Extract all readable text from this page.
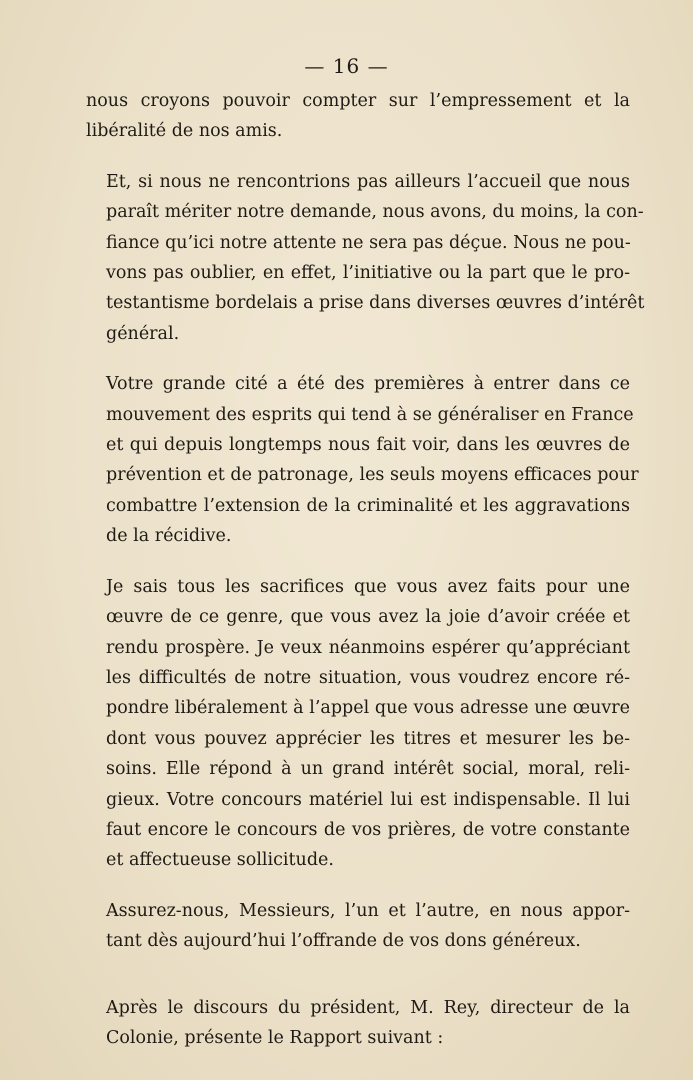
— 16 —

nous croyons pouvoir compter sur l’empressement et la
libéralité de nos amis.

Et, si nous ne rencontrions pas ailleurs l’accueil que nous
paraît mériter notre demande, nous avons, du moins, la con-
fiance qu’ici notre attente ne sera pas déçue. Nous ne pou-
vons pas oublier, en effet, l’initiative ou la part que le pro-
testantisme bordelais a prise dans diverses œuvres d’intérêt
général.

Votre grande cité a été des premières à entrer dans ce
mouvement des esprits qui tend à se généraliser en France
et qui depuis longtemps nous fait voir, dans les œuvres de
prévention et de patronage, les seuls moyens efficaces pour
combattre l’extension de la criminalité et les aggravations
de la récidive.

Je sais tous les sacrifices que vous avez faits pour une
œuvre de ce genre, que vous avez la joie d’avoir créée et
rendu prospère. Je veux néanmoins espérer qu’appréciant
les difficultés de notre situation, vous voudrez encore ré-
pondre libéralement à l’appel que vous adresse une œuvre
dont vous pouvez apprécier les titres et mesurer les be-
soins. Elle répond à un grand intérêt social, moral, reli-
gieux. Votre concours matériel lui est indispensable. Il lui
faut encore le concours de vos prières, de votre constante
et affectueuse sollicitude.

Assurez-nous, Messieurs, l’un et l’autre, en nous appor-
tant dès aujourd’hui l’offrande de vos dons généreux.

Après le discours du président, M. Rey, directeur de la
Colonie, présente le Rapport suivant :
